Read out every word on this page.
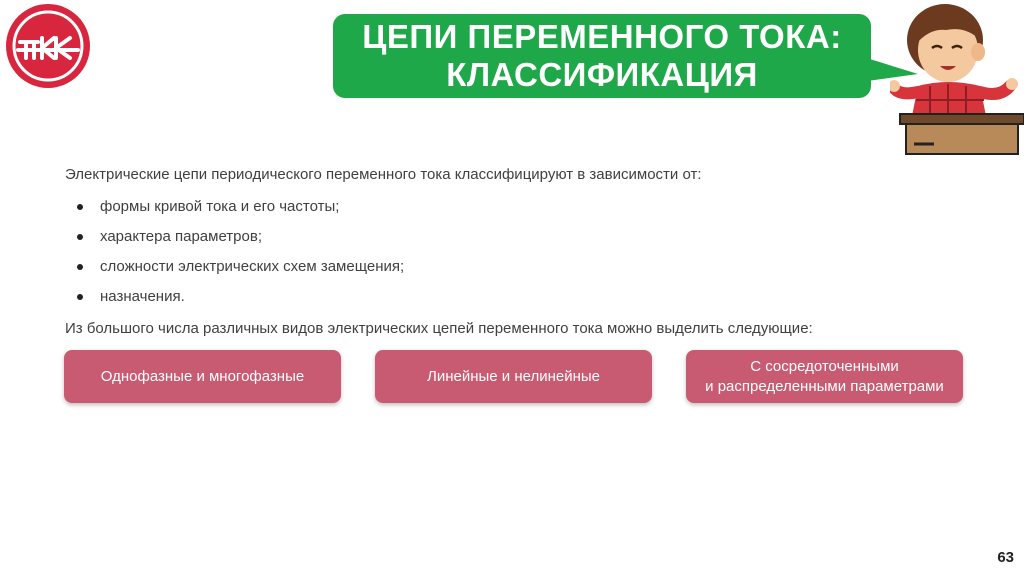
ЦЕПИ ПЕРЕМЕННОГО ТОКА:
КЛАССИФИКАЦИЯ

Электрические цепи периодического переменного тока классифицируют в зависимости от:

формы кривой тока и его частоты;
характера параметров;
сложности электрических схем замещения;
назначения.

Из большого числа различных видов электрических цепей переменного тока можно выделить следующие:

Однофазные и многофазные	Линейные и нелинейные
С сосредоточенными
и распределенными параметрами
63
